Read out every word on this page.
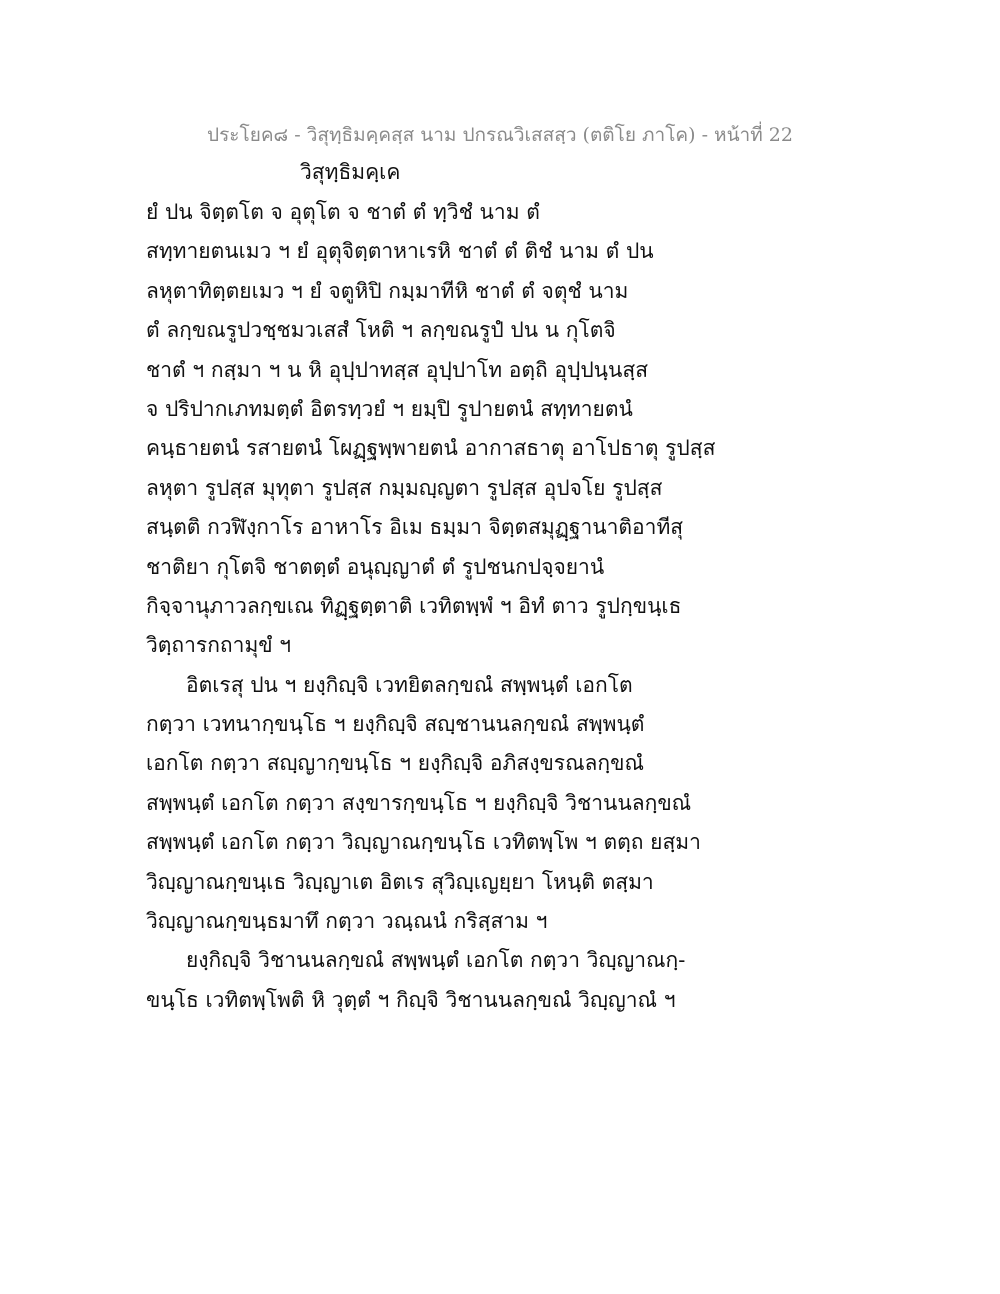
ประโยค๘ - วิสุทฺธิมคฺคสฺส นาม ปกรณวิเสสสฺว (ตติโย ภาโค) - หน้าที่ 22
วิสุทฺธิมคฺเค
ยํ ปน จิตฺตโต จ อุตุโต จ ชาตํ ตํ ทฺวิชํ นาม ตํ
สทฺทายตนเมว ฯ ยํ อุตุจิตฺตาหาเรหิ ชาตํ ตํ ติชํ นาม ตํ ปน
ลหุตาทิตฺตยเมว ฯ ยํ จตูหิปิ กมฺมาทีหิ ชาตํ ตํ จตุชํ นาม
ตํ ลกฺขณรูปวชฺชมวเสสํ โหติ ฯ ลกฺขณรูปํ ปน น กุโตจิ
ชาตํ ฯ กสฺมา ฯ น หิ อุปฺปาทสฺส อุปฺปาโท อตฺถิ อุปฺปนฺนสฺส
จ ปริปากเภทมตฺตํ อิตรทฺวยํ ฯ ยมฺปิ รูปายตนํ สทฺทายตนํ
คนฺธายตนํ รสายตนํ โผฏฺฐพฺพายตนํ อากาสธาตุ อาโปธาตุ รูปสฺส
ลหุตา รูปสฺส มุทุตา รูปสฺส กมฺมญฺญตา รูปสฺส อุปจโย รูปสฺส
สนฺตติ กวฬิงฺกาโร อาหาโร อิเม ธมฺมา จิตฺตสมุฏฺฐานาติอาทีสุ
ชาติยา กุโตจิ ชาตตฺตํ อนุญฺญาตํ ตํ รูปชนกปจฺจยานํ
กิจฺจานุภาวลกฺขเณ ทิฏฺฐตฺตาติ เวทิตพฺพํ ฯ อิทํ ตาว รูปกฺขนฺเธ
วิตฺถารกถามุขํ ฯ
อิตเรสุ ปน ฯ ยงฺกิญฺจิ เวทยิตลกฺขณํ สพฺพนฺตํ เอกโต
กตฺวา เวทนากฺขนฺโธ ฯ ยงฺกิญฺจิ สญฺชานนลกฺขณํ สพฺพนฺตํ
เอกโต กตฺวา สญฺญากฺขนฺโธ ฯ ยงฺกิญฺจิ อภิสงฺขรณลกฺขณํ
สพฺพนฺตํ เอกโต กตฺวา สงฺขารกฺขนฺโธ ฯ ยงฺกิญฺจิ วิชานนลกฺขณํ
สพฺพนฺตํ เอกโต กตฺวา วิญฺญาณกฺขนฺโธ เวทิตพฺโพ ฯ ตตฺถ ยสฺมา
วิญฺญาณกฺขนฺเธ วิญฺญาเต อิตเร สุวิญฺเญยฺยา โหนฺติ ตสฺมา
วิญฺญาณกฺขนฺธมาทึ กตฺวา วณฺณนํ กริสฺสาม ฯ
ยงฺกิญฺจิ วิชานนลกฺขณํ สพฺพนฺตํ เอกโต กตฺวา วิญฺญาณกฺ-
ขนฺโธ เวทิตพฺโพติ หิ วุตฺตํ ฯ กิญฺจิ วิชานนลกฺขณํ วิญฺญาณํ ฯ
